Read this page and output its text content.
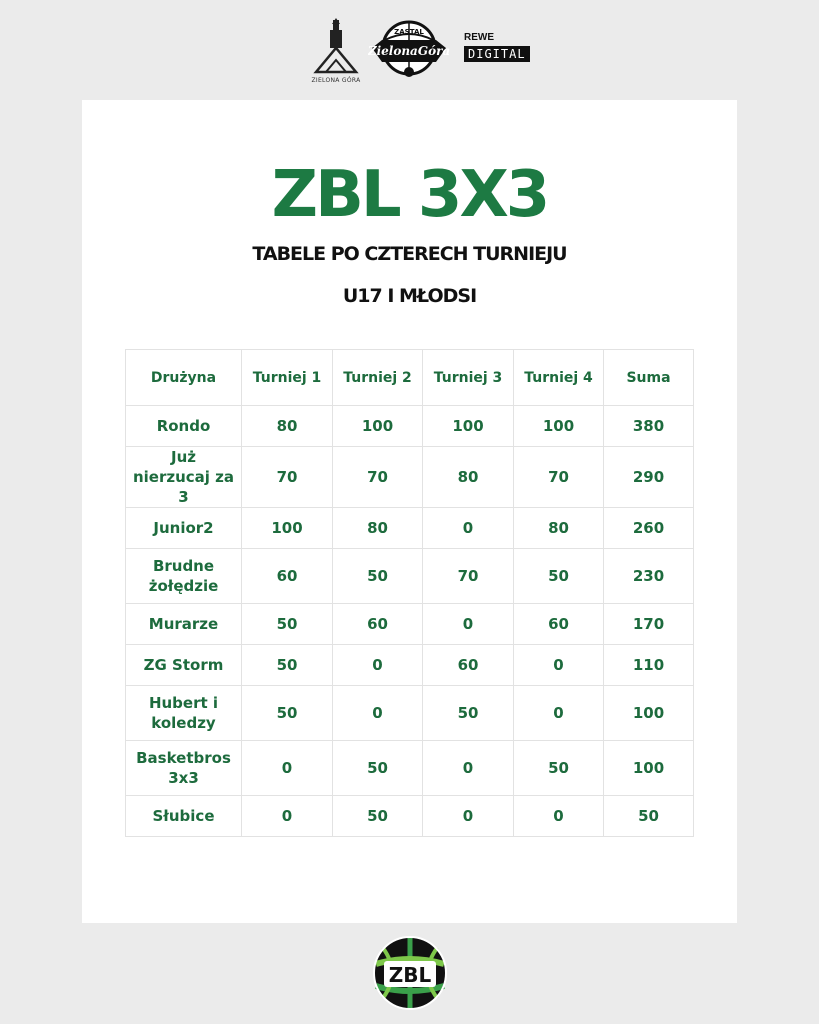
ZIELONA GÓRA
ZASTAL
ZielonaGóra
REWE
DIGITAL
ZBL 3X3
TABELE PO CZTERECH TURNIEJU
U17 I MŁODSI
Drużyna	Turniej 1	Turniej 2	Turniej 3	Turniej 4	Suma
Rondo	80	100	100	100	380
Już nierzucaj za 3	70	70	80	70	290
Junior2	100	80	0	80	260
Brudne żołędzie	60	50	70	50	230
Murarze	50	60	0	60	170
ZG Storm	50	0	60	0	110
Hubert i koledzy	50	0	50	0	100
Basketbros 3x3	0	50	0	50	100
Słubice	0	50	0	0	50
ZBL
